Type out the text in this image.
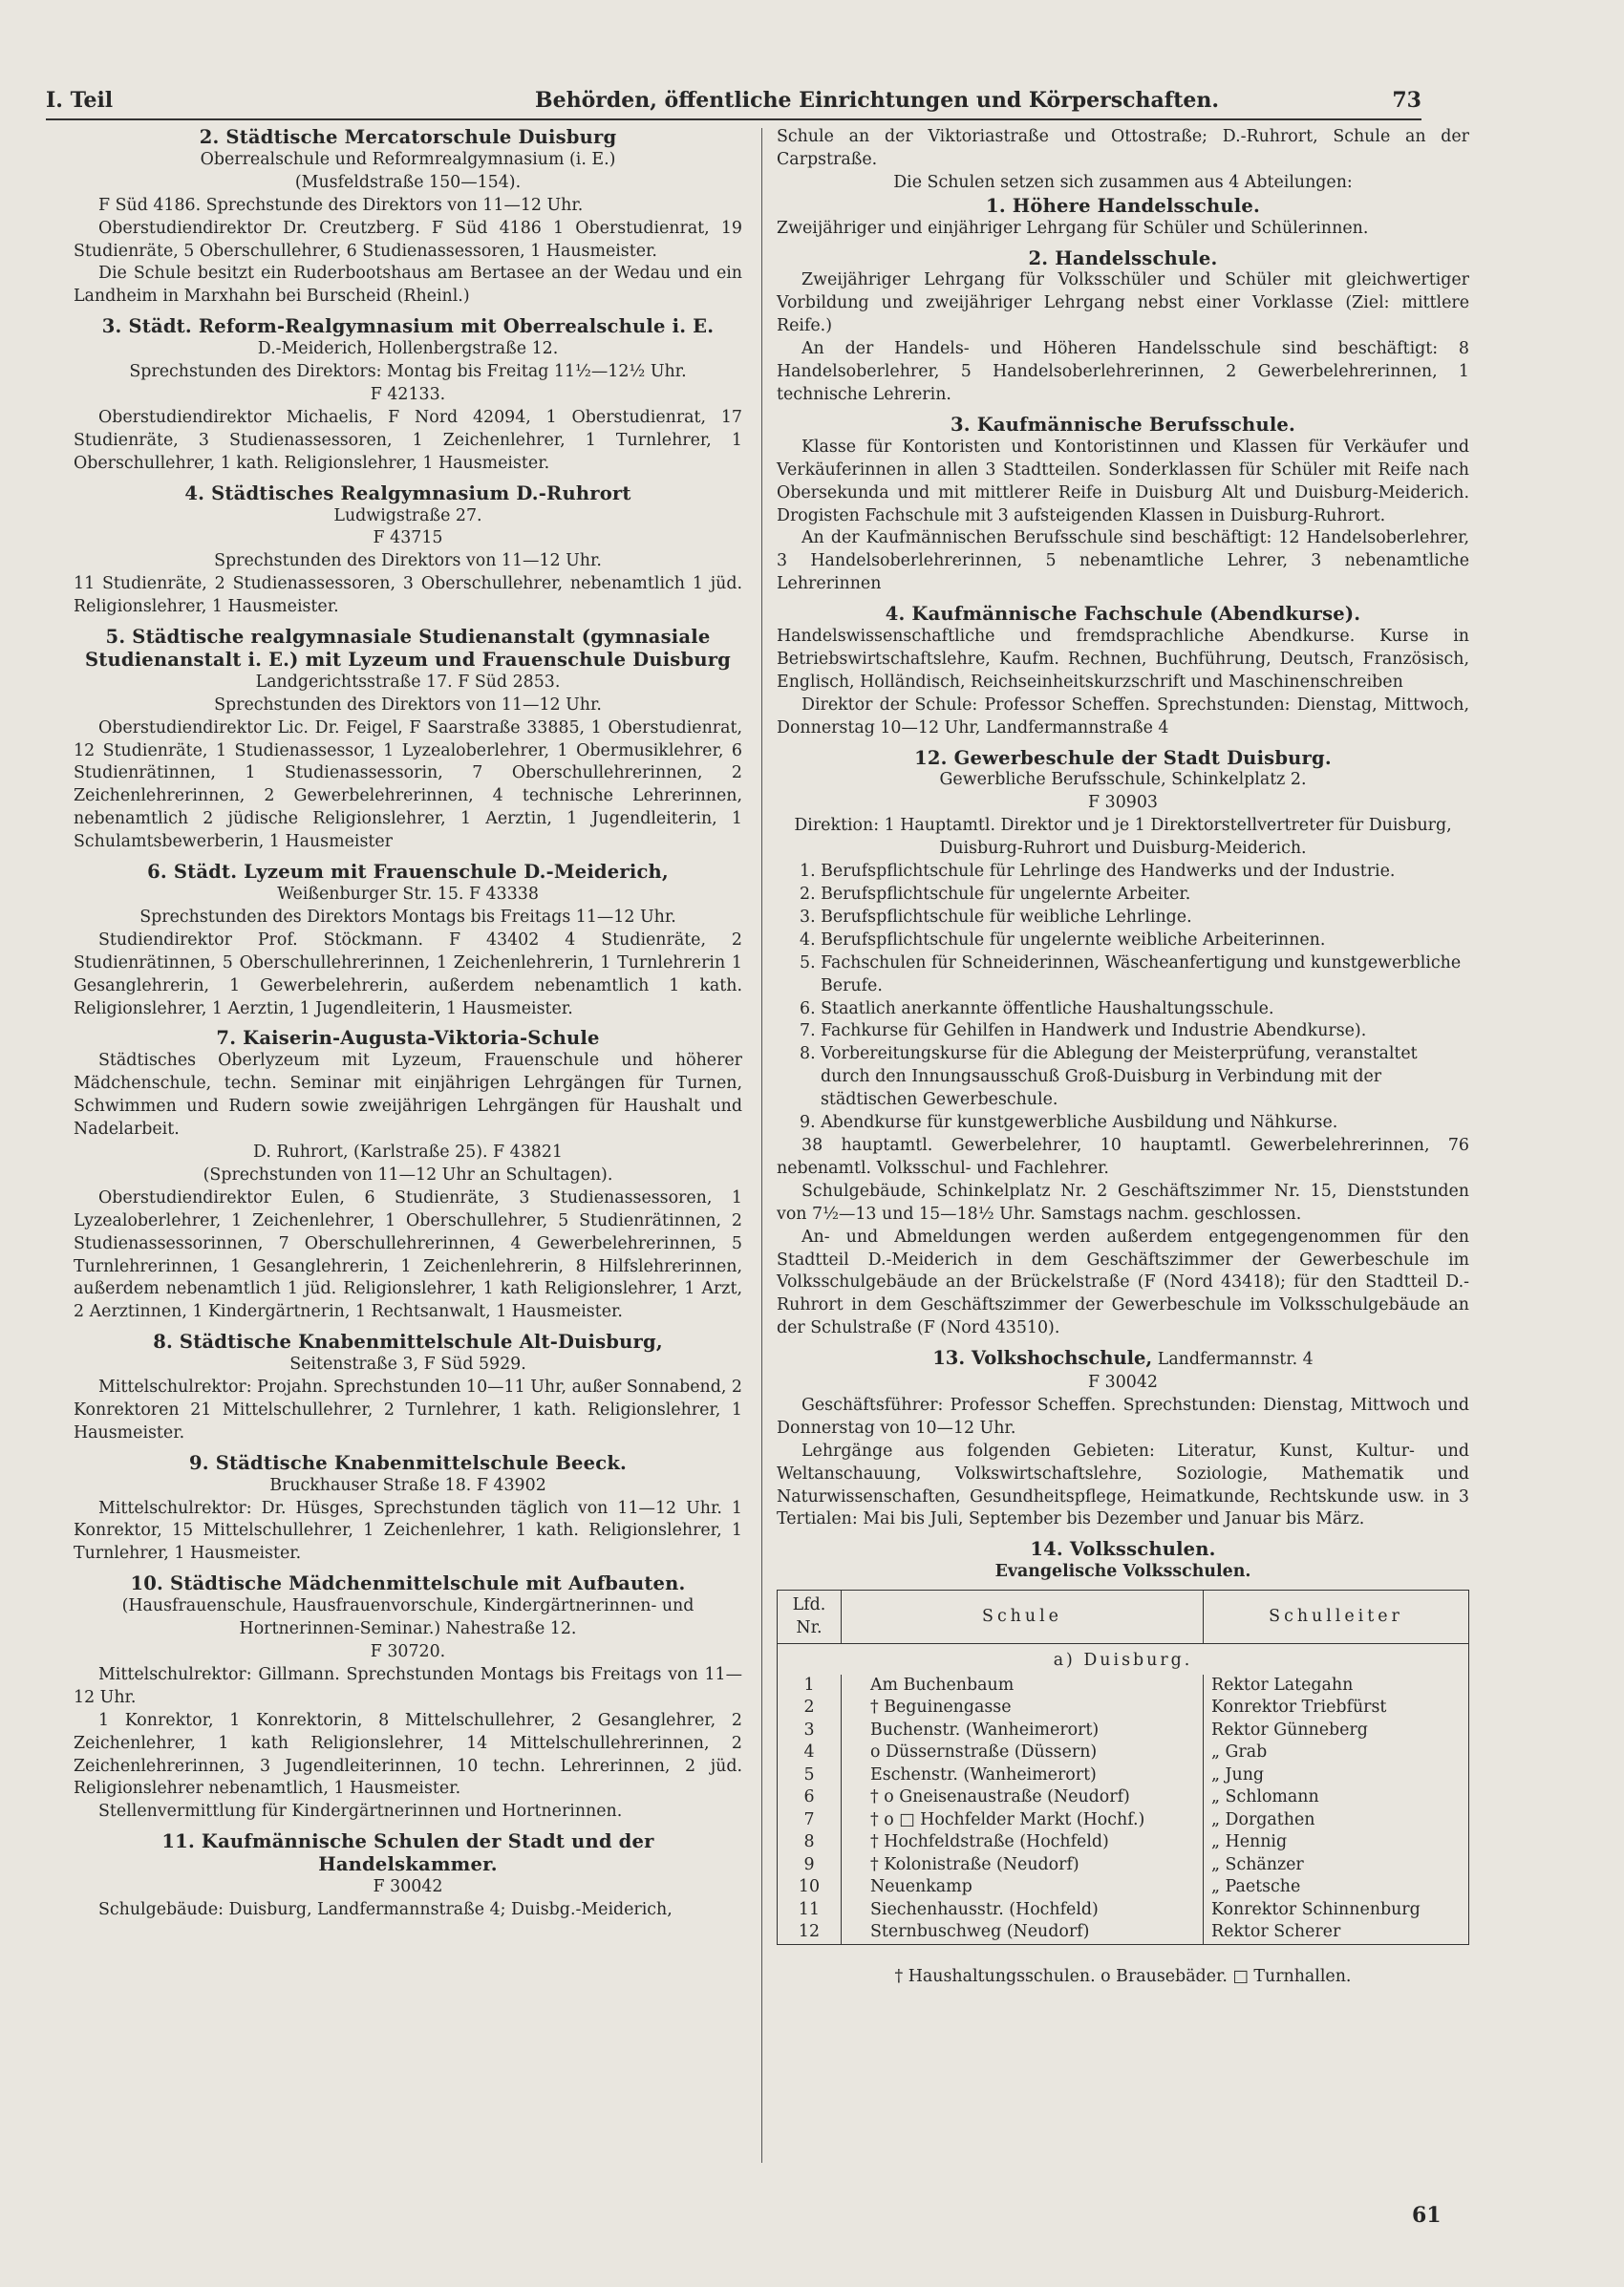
I. Teil	Behörden, öffentliche Einrichtungen und Körperschaften.	73

2. Städtische Mercatorschule Duisburg

Oberrealschule und Reformrealgymnasium (i. E.)

(Musfeldstraße 150—154).

F Süd 4186. Sprechstunde des Direktors von 11—12 Uhr.

Oberstudiendirektor Dr. Creutzberg. F Süd 4186 1 Oberstudienrat, 19 Studienräte, 5 Oberschullehrer, 6 Studienassessoren, 1 Hausmeister.

Die Schule besitzt ein Ruderbootshaus am Bertasee an der Wedau und ein Landheim in Marxhahn bei Burscheid (Rheinl.)

3. Städt. Reform-Realgymnasium mit Oberrealschule i. E.

D.-Meiderich, Hollenbergstraße 12.

Sprechstunden des Direktors: Montag bis Freitag 11½—12½ Uhr.

F 42133.

Oberstudiendirektor Michaelis, F Nord 42094, 1 Oberstudienrat, 17 Studienräte, 3 Studienassessoren, 1 Zeichenlehrer, 1 Turnlehrer, 1 Oberschullehrer, 1 kath. Religionslehrer, 1 Hausmeister.

4. Städtisches Realgymnasium D.-Ruhrort

Ludwigstraße 27.

F 43715

Sprechstunden des Direktors von 11—12 Uhr.

11 Studienräte, 2 Studienassessoren, 3 Oberschullehrer, nebenamtlich 1 jüd. Religionslehrer, 1 Hausmeister.

5. Städtische realgymnasiale Studienanstalt (gymnasiale Studienanstalt i. E.) mit Lyzeum und Frauenschule Duisburg

Landgerichtsstraße 17. F Süd 2853.

Sprechstunden des Direktors von 11—12 Uhr.

Oberstudiendirektor Lic. Dr. Feigel, F Saarstraße 33885, 1 Oberstudienrat, 12 Studienräte, 1 Studienassessor, 1 Lyzealoberlehrer, 1 Obermusiklehrer, 6 Studienrätinnen, 1 Studienassessorin, 7 Oberschullehrerinnen, 2 Zeichenlehrerinnen, 2 Gewerbelehrerinnen, 4 technische Lehrerinnen, nebenamtlich 2 jüdische Religionslehrer, 1 Aerztin, 1 Jugendleiterin, 1 Schulamtsbewerberin, 1 Hausmeister

6. Städt. Lyzeum mit Frauenschule D.-Meiderich,

Weißenburger Str. 15. F 43338

Sprechstunden des Direktors Montags bis Freitags 11—12 Uhr.

Studiendirektor Prof. Stöckmann. F 43402 4 Studienräte, 2 Studienrätinnen, 5 Oberschullehrerinnen, 1 Zeichenlehrerin, 1 Turnlehrerin 1 Gesanglehrerin, 1 Gewerbelehrerin, außerdem nebenamtlich 1 kath. Religionslehrer, 1 Aerztin, 1 Jugendleiterin, 1 Hausmeister.

7. Kaiserin-Augusta-Viktoria-Schule

Städtisches Oberlyzeum mit Lyzeum, Frauenschule und höherer Mädchenschule, techn. Seminar mit einjährigen Lehrgängen für Turnen, Schwimmen und Rudern sowie zweijährigen Lehrgängen für Haushalt und Nadelarbeit.

D. Ruhrort, (Karlstraße 25). F 43821

(Sprechstunden von 11—12 Uhr an Schultagen).

Oberstudiendirektor Eulen, 6 Studienräte, 3 Studienassessoren, 1 Lyzealoberlehrer, 1 Zeichenlehrer, 1 Oberschullehrer, 5 Studienrätinnen, 2 Studienassessorinnen, 7 Oberschullehrerinnen, 4 Gewerbelehrerinnen, 5 Turnlehrerinnen, 1 Gesanglehrerin, 1 Zeichenlehrerin, 8 Hilfslehrerinnen, außerdem nebenamtlich 1 jüd. Religionslehrer, 1 kath Religionslehrer, 1 Arzt, 2 Aerztinnen, 1 Kindergärtnerin, 1 Rechtsanwalt, 1 Hausmeister.

8. Städtische Knabenmittelschule Alt-Duisburg,

Seitenstraße 3, F Süd 5929.

Mittelschulrektor: Projahn. Sprechstunden 10—11 Uhr, außer Sonnabend, 2 Konrektoren 21 Mittelschullehrer, 2 Turnlehrer, 1 kath. Religionslehrer, 1 Hausmeister.

9. Städtische Knabenmittelschule Beeck.

Bruckhauser Straße 18. F 43902

Mittelschulrektor: Dr. Hüsges, Sprechstunden täglich von 11—12 Uhr. 1 Konrektor, 15 Mittelschullehrer, 1 Zeichenlehrer, 1 kath. Religionslehrer, 1 Turnlehrer, 1 Hausmeister.

10. Städtische Mädchenmittelschule mit Aufbauten.

(Hausfrauenschule, Hausfrauenvorschule, Kindergärtnerinnen- und Hortnerinnen-Seminar.) Nahestraße 12.

F 30720.

Mittelschulrektor: Gillmann. Sprechstunden Montags bis Freitags von 11—12 Uhr.

1 Konrektor, 1 Konrektorin, 8 Mittelschullehrer, 2 Gesanglehrer, 2 Zeichenlehrer, 1 kath Religionslehrer, 14 Mittelschullehrerinnen, 2 Zeichenlehrerinnen, 3 Jugendleiterinnen, 10 techn. Lehrerinnen, 2 jüd. Religionslehrer nebenamtlich, 1 Hausmeister.

Stellenvermittlung für Kindergärtnerinnen und Hortnerinnen.

11. Kaufmännische Schulen der Stadt und der Handelskammer.

F 30042

Schulgebäude: Duisburg, Landfermannstraße 4; Duisbg.-Meiderich,

Schule an der Viktoriastraße und Ottostraße; D.-Ruhrort, Schule an der Carpstraße.

Die Schulen setzen sich zusammen aus 4 Abteilungen:

1. Höhere Handelsschule.

Zweijähriger und einjähriger Lehrgang für Schüler und Schülerinnen.

2. Handelsschule.

Zweijähriger Lehrgang für Volksschüler und Schüler mit gleichwertiger Vorbildung und zweijähriger Lehrgang nebst einer Vorklasse (Ziel: mittlere Reife.)

An der Handels- und Höheren Handelsschule sind beschäftigt: 8 Handelsoberlehrer, 5 Handelsoberlehrerinnen, 2 Gewerbelehrerinnen, 1 technische Lehrerin.

3. Kaufmännische Berufsschule.

Klasse für Kontoristen und Kontoristinnen und Klassen für Verkäufer und Verkäuferinnen in allen 3 Stadtteilen. Sonderklassen für Schüler mit Reife nach Obersekunda und mit mittlerer Reife in Duisburg Alt und Duisburg-Meiderich. Drogisten Fachschule mit 3 aufsteigenden Klassen in Duisburg-Ruhrort.

An der Kaufmännischen Berufsschule sind beschäftigt: 12 Handelsoberlehrer, 3 Handelsoberlehrerinnen, 5 nebenamtliche Lehrer, 3 nebenamtliche Lehrerinnen

4. Kaufmännische Fachschule (Abendkurse).

Handelswissenschaftliche und fremdsprachliche Abendkurse. Kurse in Betriebswirtschaftslehre, Kaufm. Rechnen, Buchführung, Deutsch, Französisch, Englisch, Holländisch, Reichseinheitskurzschrift und Maschinenschreiben

Direktor der Schule: Professor Scheffen. Sprechstunden: Dienstag, Mittwoch, Donnerstag 10—12 Uhr, Landfermannstraße 4

12. Gewerbeschule der Stadt Duisburg.

Gewerbliche Berufsschule, Schinkelplatz 2.

F 30903

Direktion: 1 Hauptamtl. Direktor und je 1 Direktorstellvertreter für Duisburg, Duisburg-Ruhrort und Duisburg-Meiderich.

1. Berufspflichtschule für Lehrlinge des Handwerks und der Industrie.

2. Berufspflichtschule für ungelernte Arbeiter.

3. Berufspflichtschule für weibliche Lehrlinge.

4. Berufspflichtschule für ungelernte weibliche Arbeiterinnen.

5. Fachschulen für Schneiderinnen, Wäscheanfertigung und kunstgewerbliche Berufe.

6. Staatlich anerkannte öffentliche Haushaltungsschule.

7. Fachkurse für Gehilfen in Handwerk und Industrie Abendkurse).

8. Vorbereitungskurse für die Ablegung der Meisterprüfung, veranstaltet durch den Innungsausschuß Groß-Duisburg in Verbindung mit der städtischen Gewerbeschule.

9. Abendkurse für kunstgewerbliche Ausbildung und Nähkurse.

38 hauptamtl. Gewerbelehrer, 10 hauptamtl. Gewerbelehrerinnen, 76 nebenamtl. Volksschul- und Fachlehrer.

Schulgebäude, Schinkelplatz Nr. 2 Geschäftszimmer Nr. 15, Dienststunden von 7½—13 und 15—18½ Uhr. Samstags nachm. geschlossen.

An- und Abmeldungen werden außerdem entgegengenommen für den Stadtteil D.-Meiderich in dem Geschäftszimmer der Gewerbeschule im Volksschulgebäude an der Brückelstraße (F (Nord 43418); für den Stadtteil D.-Ruhrort in dem Geschäftszimmer der Gewerbeschule im Volksschulgebäude an der Schulstraße (F (Nord 43510).

13. Volkshochschule, Landfermannstr. 4

F 30042

Geschäftsführer: Professor Scheffen. Sprechstunden: Dienstag, Mittwoch und Donnerstag von 10—12 Uhr.

Lehrgänge aus folgenden Gebieten: Literatur, Kunst, Kultur- und Weltanschauung, Volkswirtschaftslehre, Soziologie, Mathematik und Naturwissenschaften, Gesundheitspflege, Heimatkunde, Rechtskunde usw. in 3 Tertialen: Mai bis Juli, September bis Dezember und Januar bis März.

14. Volksschulen.

Evangelische Volksschulen.

Lfd. Nr.	Schule	Schulleiter
a) Duisburg.		
1	Am Buchenbaum	Rektor Lategahn
2	† Beguinengasse	Konrektor Triebfürst
3	Buchenstr. (Wanheimerort)	Rektor Günneberg
4	o Düssernstraße (Düssern)	„ Grab
5	Eschenstr. (Wanheimerort)	„ Jung
6	† o Gneisenaustraße (Neudorf)	„ Schlomann
7	† o □ Hochfelder Markt (Hochf.)	„ Dorgathen
8	† Hochfeldstraße (Hochfeld)	„ Hennig
9	† Kolonistraße (Neudorf)	„ Schänzer
10	Neuenkamp	„ Paetsche
11	Siechenhausstr. (Hochfeld)	Konrektor Schinnenburg
12	Sternbuschweg (Neudorf)	Rektor Scherer

† Haushaltungsschulen. o Brausebäder. □ Turnhallen.

61
